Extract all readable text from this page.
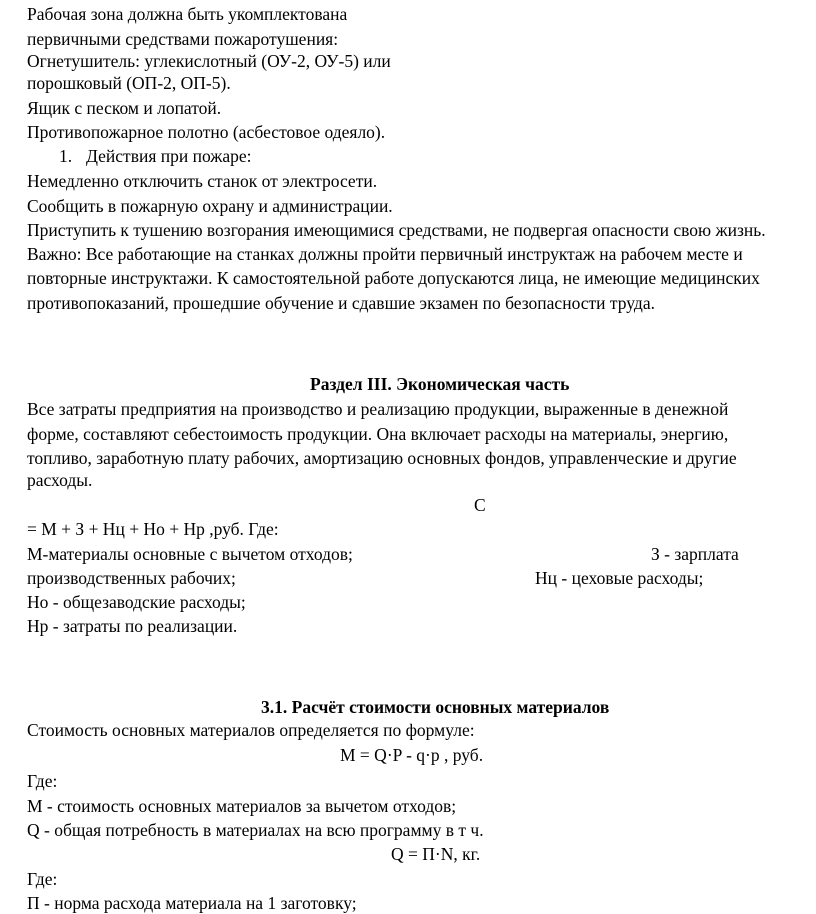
Рабочая зона должна быть укомплектована
первичными средствами пожаротушения:
Огнетушитель: углекислотный (ОУ-2, ОУ-5) или
порошковый (ОП-2, ОП-5).
Ящик с песком и лопатой.
Противопожарное полотно (асбестовое одеяло).
1. Действия при пожаре:
Немедленно отключить станок от электросети.
Сообщить в пожарную охрану и администрации.
Приступить к тушению возгорания имеющимися средствами, не подвергая опасности свою жизнь.
Важно: Все работающие на станках должны пройти первичный инструктаж на рабочем месте и
повторные инструктажи. К самостоятельной работе допускаются лица, не имеющие медицинских
противопоказаний, прошедшие обучение и сдавшие экзамен по безопасности труда.
Раздел III. Экономическая часть
Все затраты предприятия на производство и реализацию продукции, выраженные в денежной
форме, составляют себестоимость продукции. Она включает расходы на материалы, энергию,
топливо, заработную плату рабочих, амортизацию основных фондов, управленческие и другие
расходы.
С
= М + З + Нц + Но + Нр ,руб. Где:
М-материалы основные с вычетом отходов;	З - зарплата
производственных рабочих;	Нц - цеховые расходы;
Но - общезаводские расходы;
Нр - затраты по реализации.
3.1. Расчёт стоимости основных материалов
Стоимость основных материалов определяется по формуле:
М = Q·P - q·p , руб.
Где:
М - стоимость основных материалов за вычетом отходов;
Q - общая потребность в материалах на всю программу в т ч.
Q = П·N, кг.
Где:
П - норма расхода материала на 1 заготовку;
